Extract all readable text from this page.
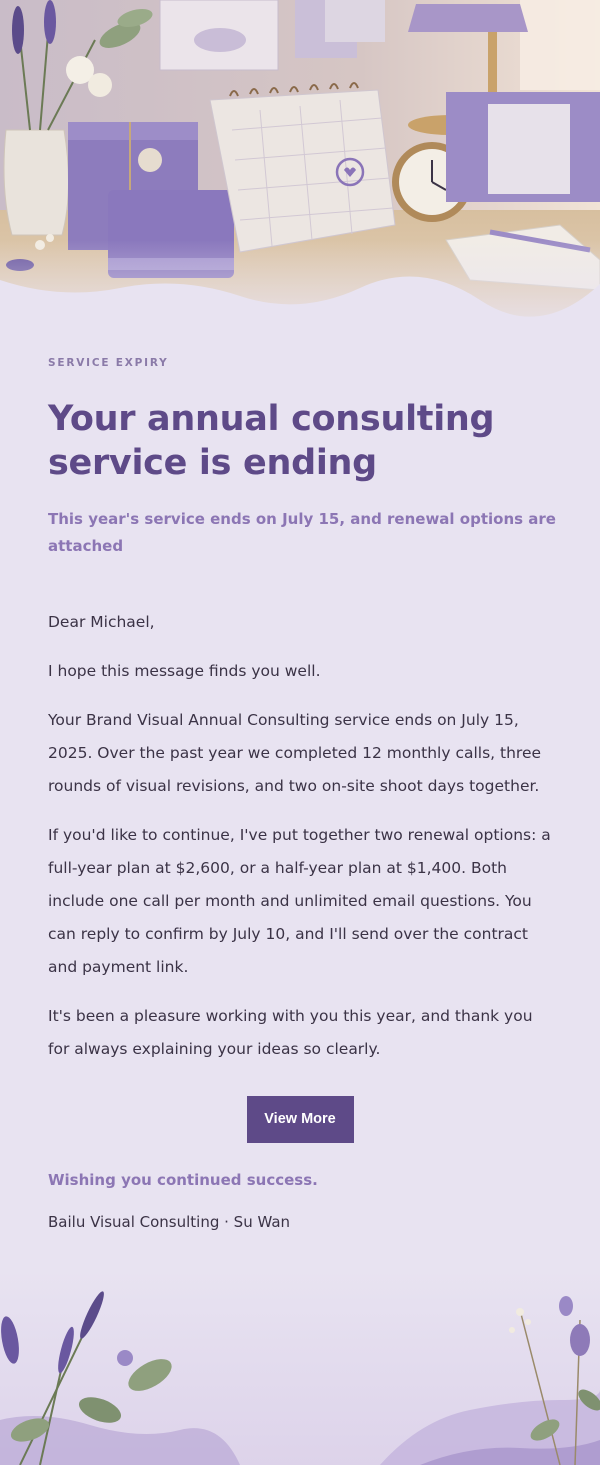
SERVICE EXPIRY
Your annual consulting service is ending
This year's service ends on July 15, and renewal options are attached

Dear Michael,

I hope this message finds you well.

Your Brand Visual Annual Consulting service ends on July 15, 2025. Over the past year we completed 12 monthly calls, three rounds of visual revisions, and two on-site shoot days together.

If you'd like to continue, I've put together two renewal options: a full-year plan at $2,600, or a half-year plan at $1,400. Both include one call per month and unlimited email questions. You can reply to confirm by July 10, and I'll send over the contract and payment link.

It's been a pleasure working with you this year, and thank you for always explaining your ideas so clearly.

View More
Wishing you continued success.
Bailu Visual Consulting · Su Wan
